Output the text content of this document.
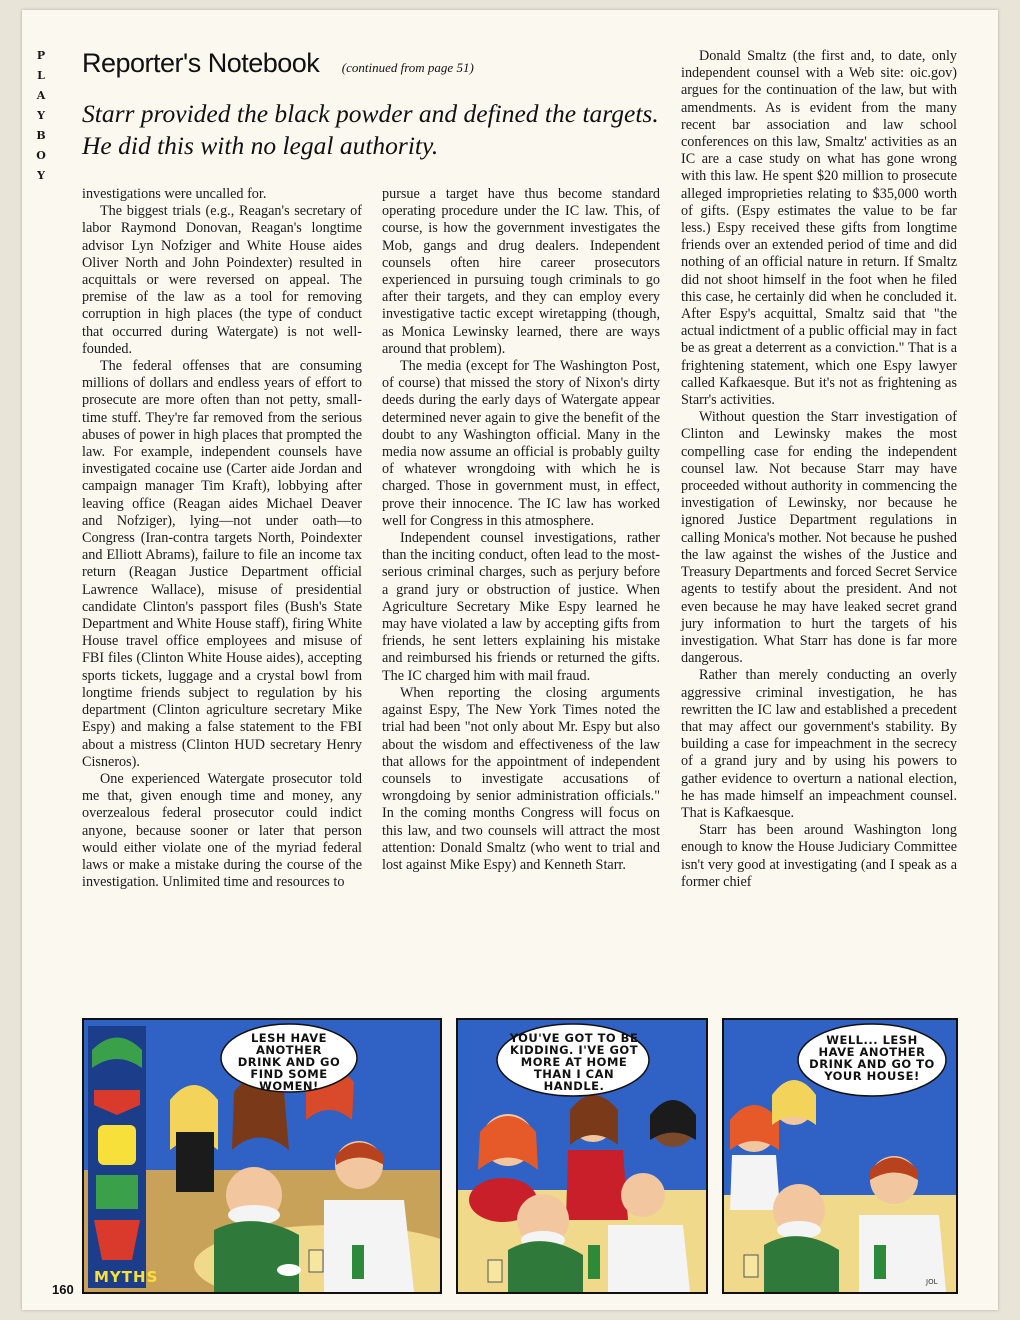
P
L
A
Y
B
O
Y
Reporter's Notebook (continued from page 51)
Starr provided the black powder and defined the targets. He did this with no legal authority.

investigations were uncalled for.

The biggest trials (e.g., Reagan's secretary of labor Raymond Donovan, Reagan's longtime advisor Lyn Nofziger and White House aides Oliver North and John Poindexter) resulted in acquittals or were reversed on appeal. The premise of the law as a tool for removing corruption in high places (the type of conduct that occurred during Watergate) is not well-founded.

The federal offenses that are consuming millions of dollars and endless years of effort to prosecute are more often than not petty, small-time stuff. They're far removed from the serious abuses of power in high places that prompted the law. For example, independent counsels have investigated cocaine use (Carter aide Jordan and campaign manager Tim Kraft), lobbying after leaving office (Reagan aides Michael Deaver and Nofziger), lying—not under oath—to Congress (Iran-contra targets North, Poindexter and Elliott Abrams), failure to file an income tax return (Reagan Justice Department official Lawrence Wallace), misuse of presidential candidate Clinton's passport files (Bush's State Department and White House staff), firing White House travel office employees and misuse of FBI files (Clinton White House aides), accepting sports tickets, luggage and a crystal bowl from longtime friends subject to regulation by his department (Clinton agriculture secretary Mike Espy) and making a false statement to the FBI about a mistress (Clinton HUD secretary Henry Cisneros).

One experienced Watergate prosecutor told me that, given enough time and money, any overzealous federal prosecutor could indict anyone, because sooner or later that person would either violate one of the myriad federal laws or make a mistake during the course of the investigation. Unlimited time and resources to

pursue a target have thus become standard operating procedure under the IC law. This, of course, is how the government investigates the Mob, gangs and drug dealers. Independent counsels often hire career prosecutors experienced in pursuing tough criminals to go after their targets, and they can employ every investigative tactic except wiretapping (though, as Monica Lewinsky learned, there are ways around that problem).

The media (except for The Washington Post, of course) that missed the story of Nixon's dirty deeds during the early days of Watergate appear determined never again to give the benefit of the doubt to any Washington official. Many in the media now assume an official is probably guilty of whatever wrongdoing with which he is charged. Those in government must, in effect, prove their innocence. The IC law has worked well for Congress in this atmosphere.

Independent counsel investigations, rather than the inciting conduct, often lead to the most-serious criminal charges, such as perjury before a grand jury or obstruction of justice. When Agriculture Secretary Mike Espy learned he may have violated a law by accepting gifts from friends, he sent letters explaining his mistake and reimbursed his friends or returned the gifts. The IC charged him with mail fraud.

When reporting the closing arguments against Espy, The New York Times noted the trial had been "not only about Mr. Espy but also about the wisdom and effectiveness of the law that allows for the appointment of independent counsels to investigate accusations of wrongdoing by senior administration officials." In the coming months Congress will focus on this law, and two counsels will attract the most attention: Donald Smaltz (who went to trial and lost against Mike Espy) and Kenneth Starr.

Donald Smaltz (the first and, to date, only independent counsel with a Web site: oic.gov) argues for the continuation of the law, but with amendments. As is evident from the many recent bar association and law school conferences on this law, Smaltz' activities as an IC are a case study on what has gone wrong with this law. He spent $20 million to prosecute alleged improprieties relating to $35,000 worth of gifts. (Espy estimates the value to be far less.) Espy received these gifts from longtime friends over an extended period of time and did nothing of an official nature in return. If Smaltz did not shoot himself in the foot when he filed this case, he certainly did when he concluded it. After Espy's acquittal, Smaltz said that "the actual indictment of a public official may in fact be as great a deterrent as a conviction." That is a frightening statement, which one Espy lawyer called Kafkaesque. But it's not as frightening as Starr's activities.

Without question the Starr investigation of Clinton and Lewinsky makes the most compelling case for ending the independent counsel law. Not because Starr may have proceeded without authority in commencing the investigation of Lewinsky, nor because he ignored Justice Department regulations in calling Monica's mother. Not because he pushed the law against the wishes of the Justice and Treasury Departments and forced Secret Service agents to testify about the president. And not even because he may have leaked secret grand jury information to hurt the targets of his investigation. What Starr has done is far more dangerous.

Rather than merely conducting an overly aggressive criminal investigation, he has rewritten the IC law and established a precedent that may affect our government's stability. By building a case for impeachment in the secrecy of a grand jury and by using his powers to gather evidence to overturn a national election, he has made himself an impeachment counsel. That is Kafkaesque.

Starr has been around Washington long enough to know the House Judiciary Committee isn't very good at investigating (and I speak as a former chief

LESH HAVE ANOTHER DRINK AND GO FIND SOME WOMEN!
MYTHS
YOU'VE GOT TO BE KIDDING. I'VE GOT MORE AT HOME THAN I CAN HANDLE.
WELL... LESH HAVE ANOTHER DRINK AND GO TO YOUR HOUSE!
JOL
160
